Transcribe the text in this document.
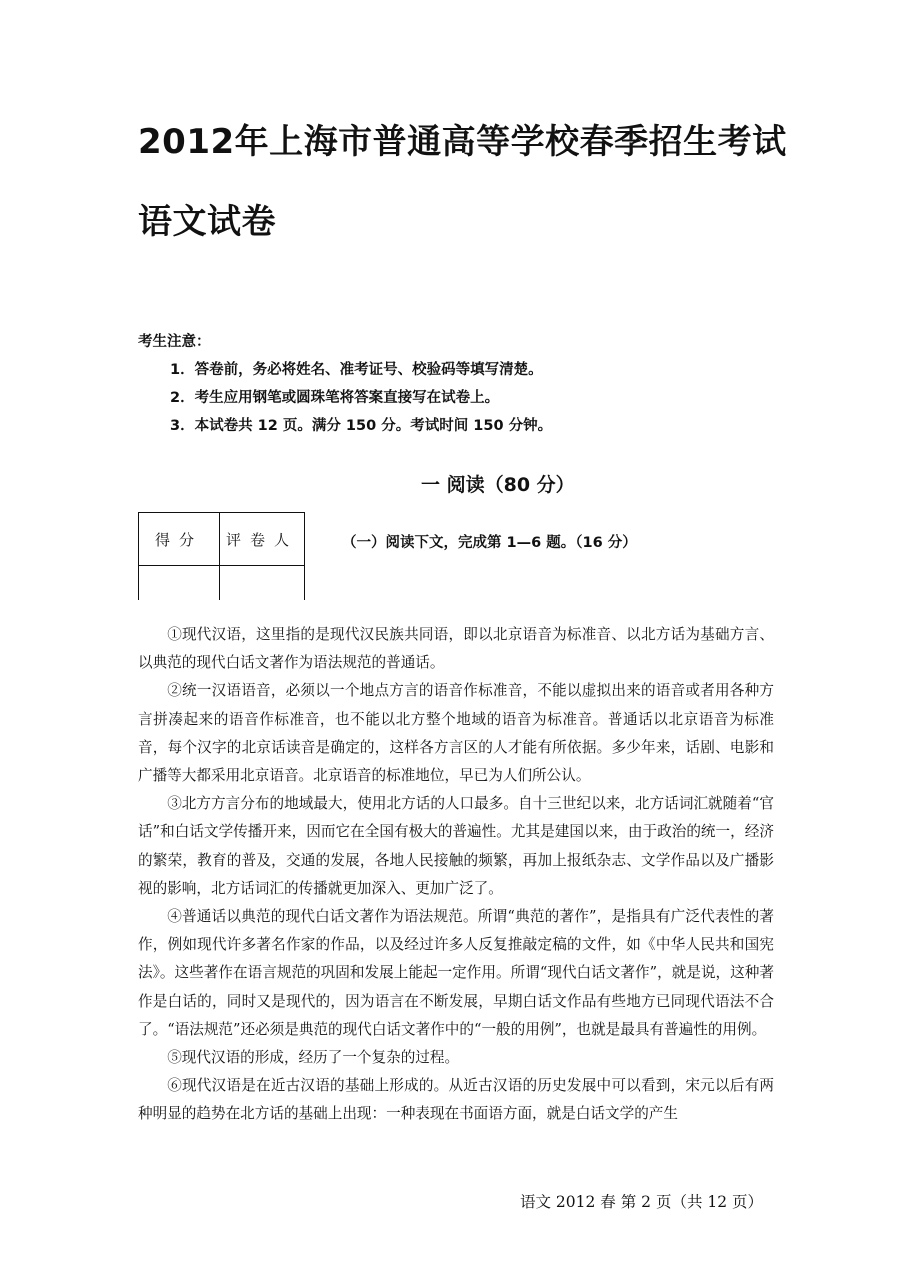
2012年上海市普通高等学校春季招生考试
语文试卷
考生注意：
1．答卷前，务必将姓名、准考证号、校验码等填写清楚。
2．考生应用钢笔或圆珠笔将答案直接写在试卷上。
3．本试卷共 12 页。满分 150 分。考试时间 150 分钟。
一 阅读（80 分）
得分	评卷人
		（一）阅读下文，完成第 1—6 题。（16 分）

①现代汉语，这里指的是现代汉民族共同语，即以北京语音为标准音、以北方话为基础方言、以典范的现代白话文著作为语法规范的普通话。

②统一汉语语音，必须以一个地点方言的语音作标准音，不能以虚拟出来的语音或者用各种方言拼凑起来的语音作标准音，也不能以北方整个地域的语音为标准音。普通话以北京语音为标准音，每个汉字的北京话读音是确定的，这样各方言区的人才能有所依据。多少年来，话剧、电影和广播等大都采用北京语音。北京语音的标准地位，早已为人们所公认。

③北方方言分布的地域最大，使用北方话的人口最多。自十三世纪以来，北方话词汇就随着“官话”和白话文学传播开来，因而它在全国有极大的普遍性。尤其是建国以来，由于政治的统一，经济的繁荣，教育的普及，交通的发展，各地人民接触的频繁，再加上报纸杂志、文学作品以及广播影视的影响，北方话词汇的传播就更加深入、更加广泛了。

④普通话以典范的现代白话文著作为语法规范。所谓“典范的著作”，是指具有广泛代表性的著作，例如现代许多著名作家的作品，以及经过许多人反复推敲定稿的文件，如《中华人民共和国宪法》。这些著作在语言规范的巩固和发展上能起一定作用。所谓“现代白话文著作”，就是说，这种著作是白话的，同时又是现代的，因为语言在不断发展，早期白话文作品有些地方已同现代语法不合了。“语法规范”还必须是典范的现代白话文著作中的“一般的用例”，也就是最具有普遍性的用例。

⑤现代汉语的形成，经历了一个复杂的过程。

⑥现代汉语是在近古汉语的基础上形成的。从近古汉语的历史发展中可以看到，宋元以后有两种明显的趋势在北方话的基础上出现：一种表现在书面语方面，就是白话文学的产生

语文 2012 春 第 2 页（共 12 页）
